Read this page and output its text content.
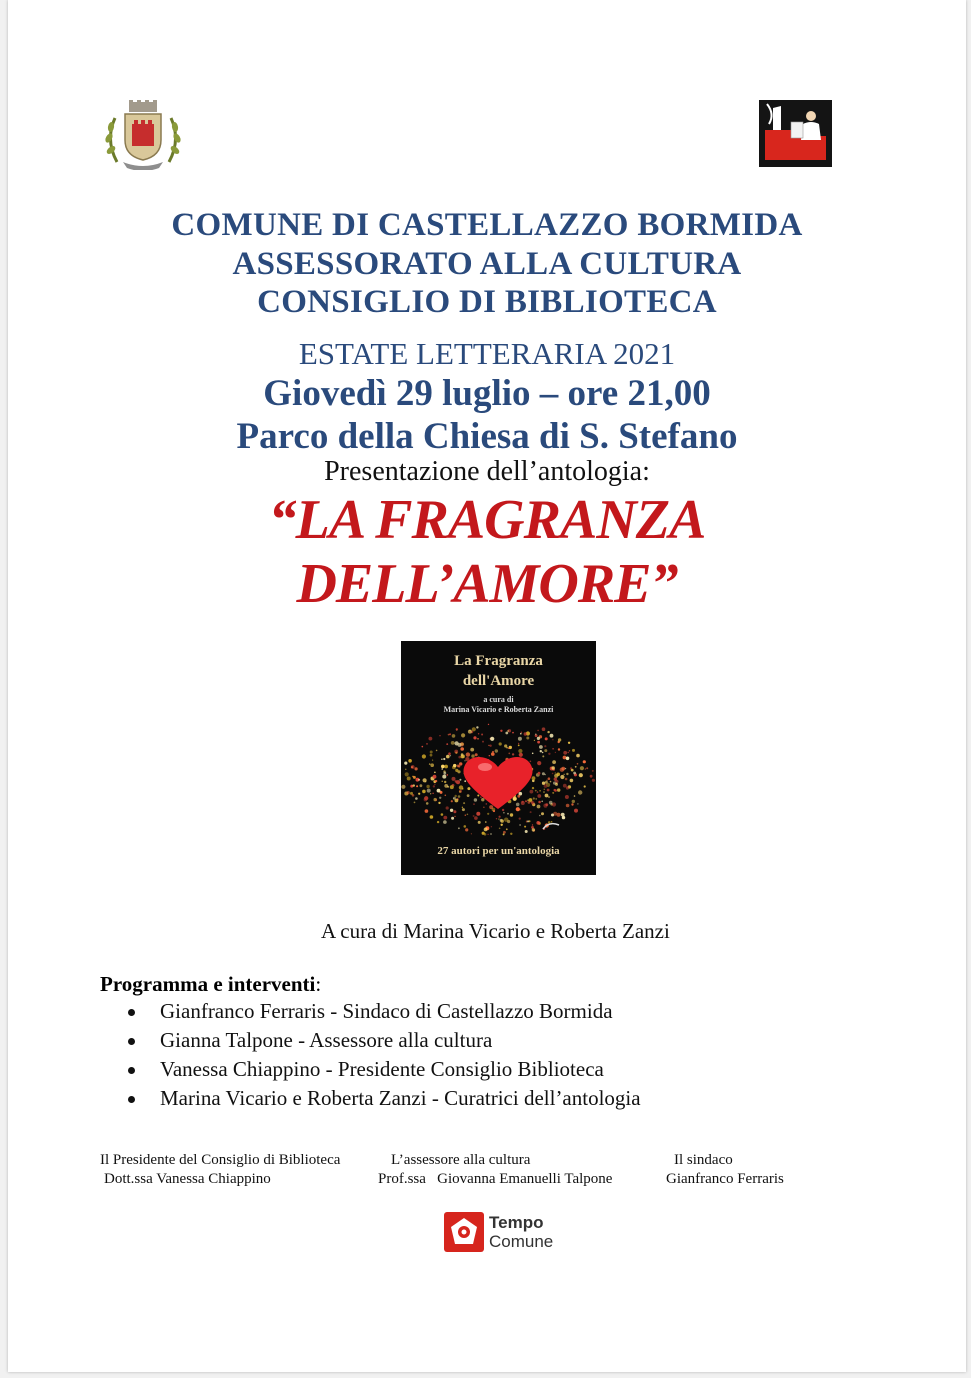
COMUNE DI CASTELLAZZO BORMIDA
ASSESSORATO ALLA CULTURA
CONSIGLIO DI BIBLIOTECA
ESTATE LETTERARIA 2021
Giovedì 29 luglio – ore 21,00
Parco della Chiesa di S. Stefano
Presentazione dell’antologia:
“LA FRAGRANZA
DELL’AMORE”
La Fragranza
dell'Amore
a cura di
Marina Vicario e Roberta Zanzi
27 autori per un'antologia
A cura di Marina Vicario e Roberta Zanzi
Programma e interventi:
Gianfranco Ferraris - Sindaco di Castellazzo Bormida
Gianna Talpone - Assessore alla cultura
Vanessa Chiappino - Presidente Consiglio Biblioteca
Marina Vicario e Roberta Zanzi - Curatrici dell’antologia
Il Presidente del Consiglio di Biblioteca
Dott.ssa Vanessa Chiappino
L’assessore alla cultura
Prof.ssa Giovanna Emanuelli Talpone
Il sindaco
Gianfranco Ferraris
Tempo
Comune
